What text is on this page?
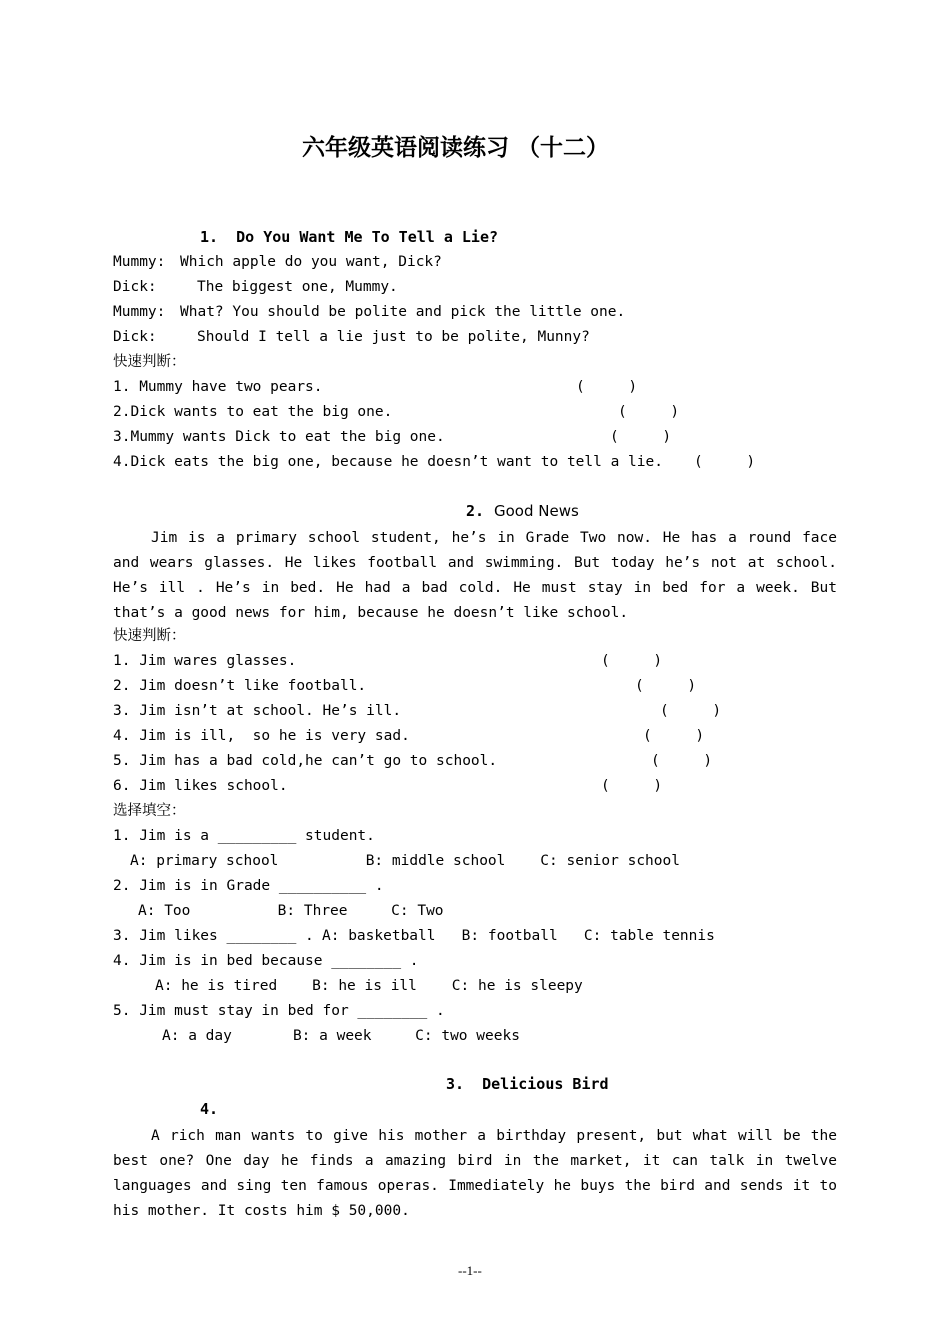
六年级英语阅读练习 （十二）
1.  Do You Want Me To Tell a Lie?
Mummy: Which apple do you want, Dick?
Dick:	The biggest one, Mummy.
Mummy: What? You should be polite and pick the little one.
Dick:	Should I tell a lie just to be polite, Munny?
快速判断：
1. Mummy have two pears.	(     )
2.Dick wants to eat the big one.	(     )
3.Mummy wants Dick to eat the big one.	(     )
4.Dick eats the big one, because he doesn’t want to tell a lie. (     )
2. Good News
Jim is a primary school student, he’s in Grade Two now. He has a round face and wears glasses. He likes football and swimming. But today he’s not at school. He’s ill . He’s in bed. He had a bad cold. He must stay in bed for a week. But that’s a good news for him, because he doesn’t like school.
快速判断：
1. Jim wares glasses.	(     )
2. Jim doesn’t like football.	(     )
3. Jim isn’t at school. He’s ill.	(     )
4. Jim is ill,  so he is very sad.	(     )
5. Jim has a bad cold,he can’t go to school.	(     )
6. Jim likes school.	(     )
选择填空：
1. Jim is a _________ student.
A: primary school          B: middle school    C: senior school
2. Jim is in Grade __________ .
A: Too          B: Three     C: Two
3. Jim likes ________ . A: basketball   B: football   C: table tennis
4. Jim is in bed because ________ .
A: he is tired    B: he is ill    C: he is sleepy
5. Jim must stay in bed for ________ .
A: a day       B: a week     C: two weeks
3.  Delicious Bird
4.
A rich man wants to give his mother a birthday present, but what will be the best one? One day he finds a amazing bird in the market, it can talk in twelve languages and sing ten famous operas. Immediately he buys the bird and sends it to his mother. It costs him $ 50,000.
--1--
